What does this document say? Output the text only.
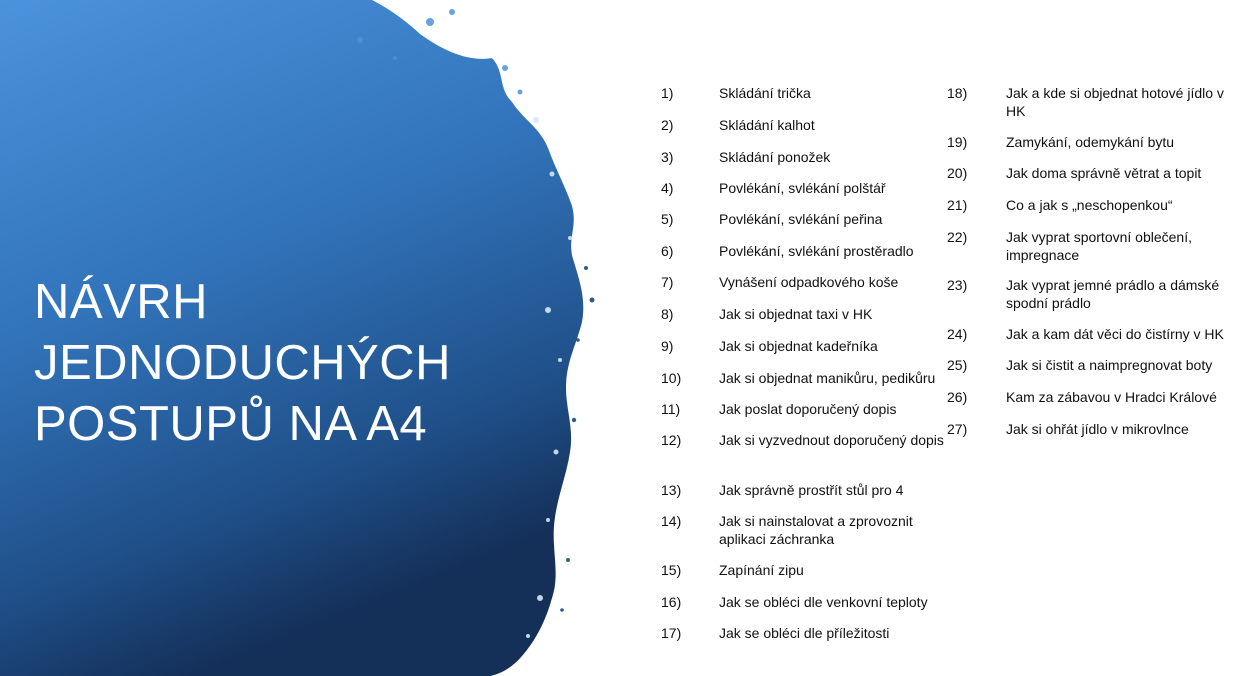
NÁVRH
JEDNODUCHÝCH
POSTUPŮ NA A4
1)	Skládání trička
2)	Skládání kalhot
3)	Skládání ponožek
4)	Povlékání, svlékání polštář
5)	Povlékání, svlékání peřina
6)	Povlékání, svlékání prostěradlo
7)	Vynášení odpadkového koše
8)	Jak si objednat taxi v HK
9)	Jak si objednat kadeřníka
10)	Jak si objednat manikůru, pedikůru
11)	Jak poslat doporučený dopis
12)	Jak si vyzvednout doporučený dopis
13)	Jak správně prostřít stůl pro 4
14)	Jak si nainstalovat a zprovoznit aplikaci záchranka
15)	Zapínání zipu
16)	Jak se obléci dle venkovní teploty
17)	Jak se obléci dle příležitosti
18)	Jak a kde si objednat hotové jídlo v HK
19)	Zamykání, odemykání bytu
20)	Jak doma správně větrat a topit
21)	Co a jak s „neschopenkou“
22)	Jak vyprat sportovní oblečení, impregnace
23)	Jak vyprat jemné prádlo a dámské spodní prádlo
24)	Jak a kam dát věci do čistírny v HK
25)	Jak si čistit a naimpregnovat boty
26)	Kam za zábavou v Hradci Králové
27)	Jak si ohřát jídlo v mikrovlnce
